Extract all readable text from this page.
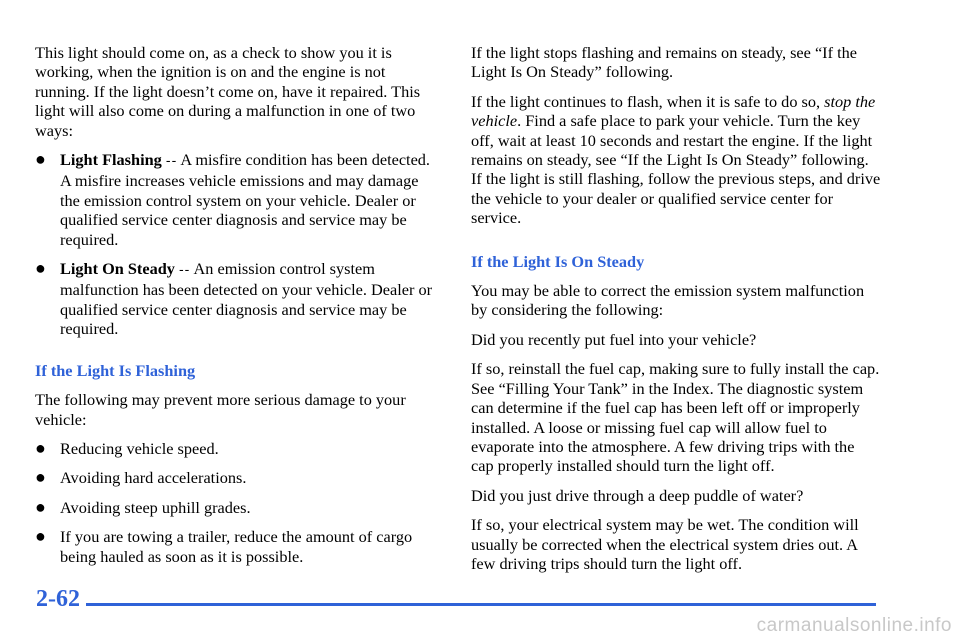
This light should come on, as a check to show you it is working, when the ignition is on and the engine is not running. If the light doesn’t come on, have it repaired. This light will also come on during a malfunction in one of two ways:

● Light Flashing -- A misfire condition has been detected. A misfire increases vehicle emissions and may damage the emission control system on your vehicle. Dealer or qualified service center diagnosis and service may be required.
● Light On Steady -- An emission control system malfunction has been detected on your vehicle. Dealer or qualified service center diagnosis and service may be required.
If the Light Is Flashing

The following may prevent more serious damage to your vehicle:

● Reducing vehicle speed.
● Avoiding hard accelerations.
● Avoiding steep uphill grades.
● If you are towing a trailer, reduce the amount of cargo being hauled as soon as it is possible.

If the light stops flashing and remains on steady, see “If the Light Is On Steady” following.

If the light continues to flash, when it is safe to do so, stop the vehicle. Find a safe place to park your vehicle. Turn the key off, wait at least 10 seconds and restart the engine. If the light remains on steady, see “If the Light Is On Steady” following. If the light is still flashing, follow the previous steps, and drive the vehicle to your dealer or qualified service center for service.

If the Light Is On Steady

You may be able to correct the emission system malfunction by considering the following:

Did you recently put fuel into your vehicle?

If so, reinstall the fuel cap, making sure to fully install the cap. See “Filling Your Tank” in the Index. The diagnostic system can determine if the fuel cap has been left off or improperly installed. A loose or missing fuel cap will allow fuel to evaporate into the atmosphere. A few driving trips with the cap properly installed should turn the light off.

Did you just drive through a deep puddle of water?

If so, your electrical system may be wet. The condition will usually be corrected when the electrical system dries out. A few driving trips should turn the light off.

2-62
carmanualsonline.info
